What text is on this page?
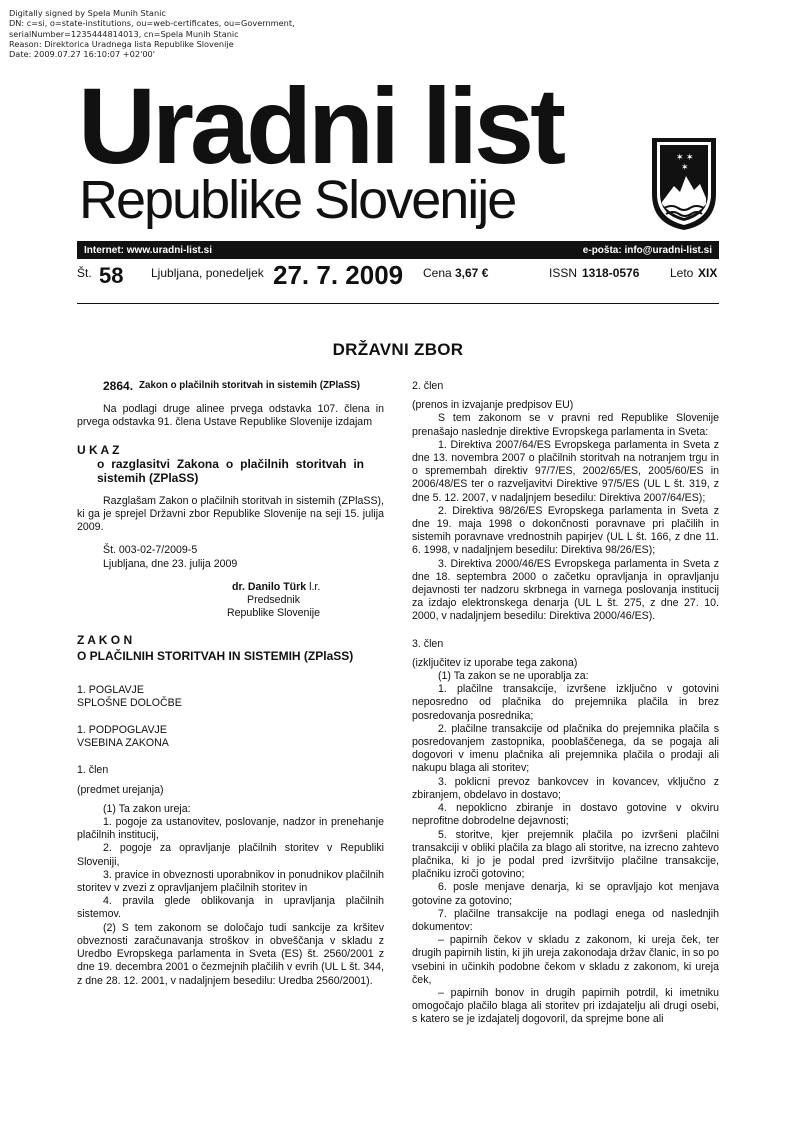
Digitally signed by Spela Munih Stanic
DN: c=si, o=state-institutions, ou=web-certificates, ou=Government,
serialNumber=1235444814013, cn=Spela Munih Stanic
Reason: Direktorica Uradnega lista Republike Slovenije
Date: 2009.07.27 16:10:07 +02'00'
Uradni list
Republike Slovenije
✶ ✶
✶
Internet: www.uradni-list.si	e-pošta: info@uradni-list.si
Št. 58 Ljubljana, ponedeljek 27. 7. 2009 Cena 3,67 €	ISSN 1318-0576	Leto XIX
DRŽAVNI ZBOR
2864. Zakon o plačilnih storitvah in sistemih (ZPlaSS)

Na podlagi druge alinee prvega odstavka 107. člena in prvega odstavka 91. člena Ustave Republike Slovenije izdajam

U K A Z

o razglasitvi Zakona o plačilnih storitvah in sistemih (ZPlaSS)

Razglašam Zakon o plačilnih storitvah in sistemih (ZPlaSS), ki ga je sprejel Državni zbor Republike Slovenije na seji 15. julija 2009.

Št. 003-02-7/2009-5

Ljubljana, dne 23. julija 2009

dr. Danilo Türk l.r.

Predsednik

Republike Slovenije

Z A K O N

O PLAČILNIH STORITVAH IN SISTEMIH (ZPlaSS)

1. POGLAVJE

SPLOŠNE DOLOČBE

1. PODPOGLAVJE

VSEBINA ZAKONA

1. člen

(predmet urejanja)

(1) Ta zakon ureja:

1. pogoje za ustanovitev, poslovanje, nadzor in prenehanje plačilnih institucij,

2. pogoje za opravljanje plačilnih storitev v Republiki Sloveniji,

3. pravice in obveznosti uporabnikov in ponudnikov plačilnih storitev v zvezi z opravljanjem plačilnih storitev in

4. pravila glede oblikovanja in upravljanja plačilnih sistemov.

(2) S tem zakonom se določajo tudi sankcije za kršitev obveznosti zaračunavanja stroškov in obveščanja v skladu z Uredbo Evropskega parlamenta in Sveta (ES) št. 2560/2001 z dne 19. decembra 2001 o čezmejnih plačilih v evrih (UL L št. 344, z dne 28. 12. 2001, v nadaljnjem besedilu: Uredba 2560/2001).

2. člen

(prenos in izvajanje predpisov EU)

S tem zakonom se v pravni red Republike Slovenije prenašajo naslednje direktive Evropskega parlamenta in Sveta:

1. Direktiva 2007/64/ES Evropskega parlamenta in Sveta z dne 13. novembra 2007 o plačilnih storitvah na notranjem trgu in o spremembah direktiv 97/7/ES, 2002/65/ES, 2005/60/ES in 2006/48/ES ter o razveljavitvi Direktive 97/5/ES (UL L št. 319, z dne 5. 12. 2007, v nadaljnjem besedilu: Direktiva 2007/64/ES);

2. Direktiva 98/26/ES Evropskega parlamenta in Sveta z dne 19. maja 1998 o dokončnosti poravnave pri plačilih in sistemih poravnave vrednostnih papirjev (UL L št. 166, z dne 11. 6. 1998, v nadaljnjem besedilu: Direktiva 98/26/ES);

3. Direktiva 2000/46/ES Evropskega parlamenta in Sveta z dne 18. septembra 2000 o začetku opravljanja in opravljanju dejavnosti ter nadzoru skrbnega in varnega poslovanja institucij za izdajo elektronskega denarja (UL L št. 275, z dne 27. 10. 2000, v nadaljnjem besedilu: Direktiva 2000/46/ES).

3. člen

(izključitev iz uporabe tega zakona)

(1) Ta zakon se ne uporablja za:

1. plačilne transakcije, izvršene izključno v gotovini neposredno od plačnika do prejemnika plačila in brez posredovanja posrednika;

2. plačilne transakcije od plačnika do prejemnika plačila s posredovanjem zastopnika, pooblaščenega, da se pogaja ali dogovori v imenu plačnika ali prejemnika plačila o prodaji ali nakupu blaga ali storitev;

3. poklicni prevoz bankovcev in kovancev, vključno z zbiranjem, obdelavo in dostavo;

4. nepoklicno zbiranje in dostavo gotovine v okviru neprofitne dobrodelne dejavnosti;

5. storitve, kjer prejemnik plačila po izvršeni plačilni transakciji v obliki plačila za blago ali storitve, na izrecno zahtevo plačnika, ki jo je podal pred izvršitvijo plačilne transakcije, plačniku izroči gotovino;

6. posle menjave denarja, ki se opravljajo kot menjava gotovine za gotovino;

7. plačilne transakcije na podlagi enega od naslednjih dokumentov:

– papirnih čekov v skladu z zakonom, ki ureja ček, ter drugih papirnih listin, ki jih ureja zakonodaja držav članic, in so po vsebini in učinkih podobne čekom v skladu z zakonom, ki ureja ček,

– papirnih bonov in drugih papirnih potrdil, ki imetniku omogočajo plačilo blaga ali storitev pri izdajatelju ali drugi osebi, s katero se je izdajatelj dogovoril, da sprejme bone ali
